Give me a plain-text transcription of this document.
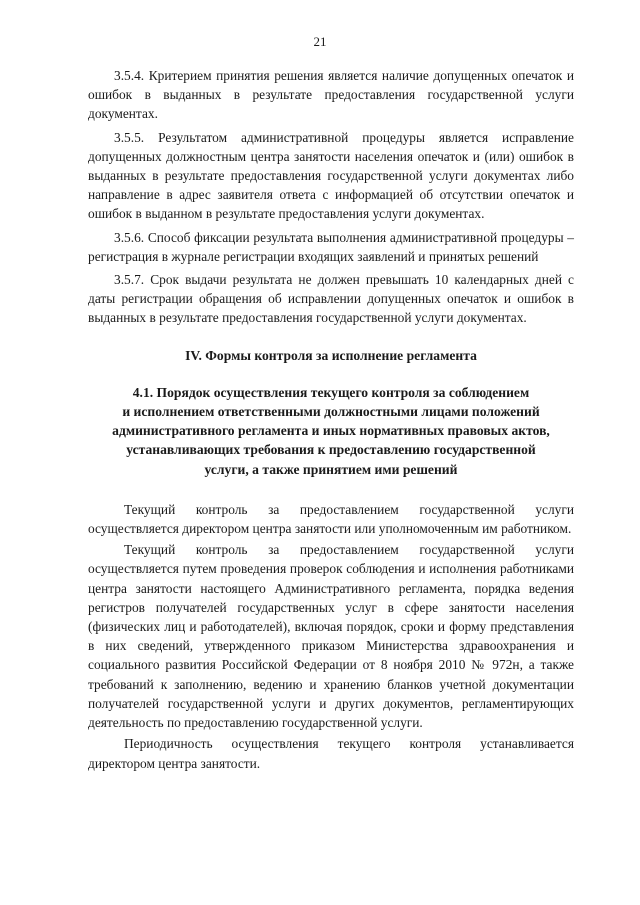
21

3.5.4. Критерием принятия решения является наличие допущенных опечаток и ошибок в выданных в результате предоставления государственной услуги документах.

3.5.5. Результатом административной процедуры является исправление допущенных должностным центра занятости населения опечаток и (или) ошибок в выданных в результате предоставления государственной услуги документах либо направление в адрес заявителя ответа с информацией об отсутствии опечаток и ошибок в выданном в результате предоставления услуги документах.

3.5.6. Способ фиксации результата выполнения административной процедуры – регистрация в журнале регистрации входящих заявлений и принятых решений

3.5.7. Срок выдачи результата не должен превышать 10 календарных дней с даты регистрации обращения об исправлении допущенных опечаток и ошибок в выданных в результате предоставления государственной услуги документах.

IV. Формы контроля за исполнение регламента
4.1. Порядок осуществления текущего контроля за соблюдением
и исполнением ответственными должностными лицами положений
административного регламента и иных нормативных правовых актов,
устанавливающих требования к предоставлению государственной
услуги, а также принятием ими решений

Текущий контроль за предоставлением государственной услуги осуществляется директором центра занятости или уполномоченным им работником.

Текущий контроль за предоставлением государственной услуги осуществляется путем проведения проверок соблюдения и исполнения работниками центра занятости настоящего Административного регламента, порядка ведения регистров получателей государственных услуг в сфере занятости населения (физических лиц и работодателей), включая порядок, сроки и форму представления в них сведений, утвержденного приказом Министерства здравоохранения и социального развития Российской Федерации от 8 ноября 2010 № 972н, а также требований к заполнению, ведению и хранению бланков учетной документации получателей государственной услуги и других документов, регламентирующих деятельность по предоставлению государственной услуги.

Периодичность осуществления текущего контроля устанавливается директором центра занятости.
